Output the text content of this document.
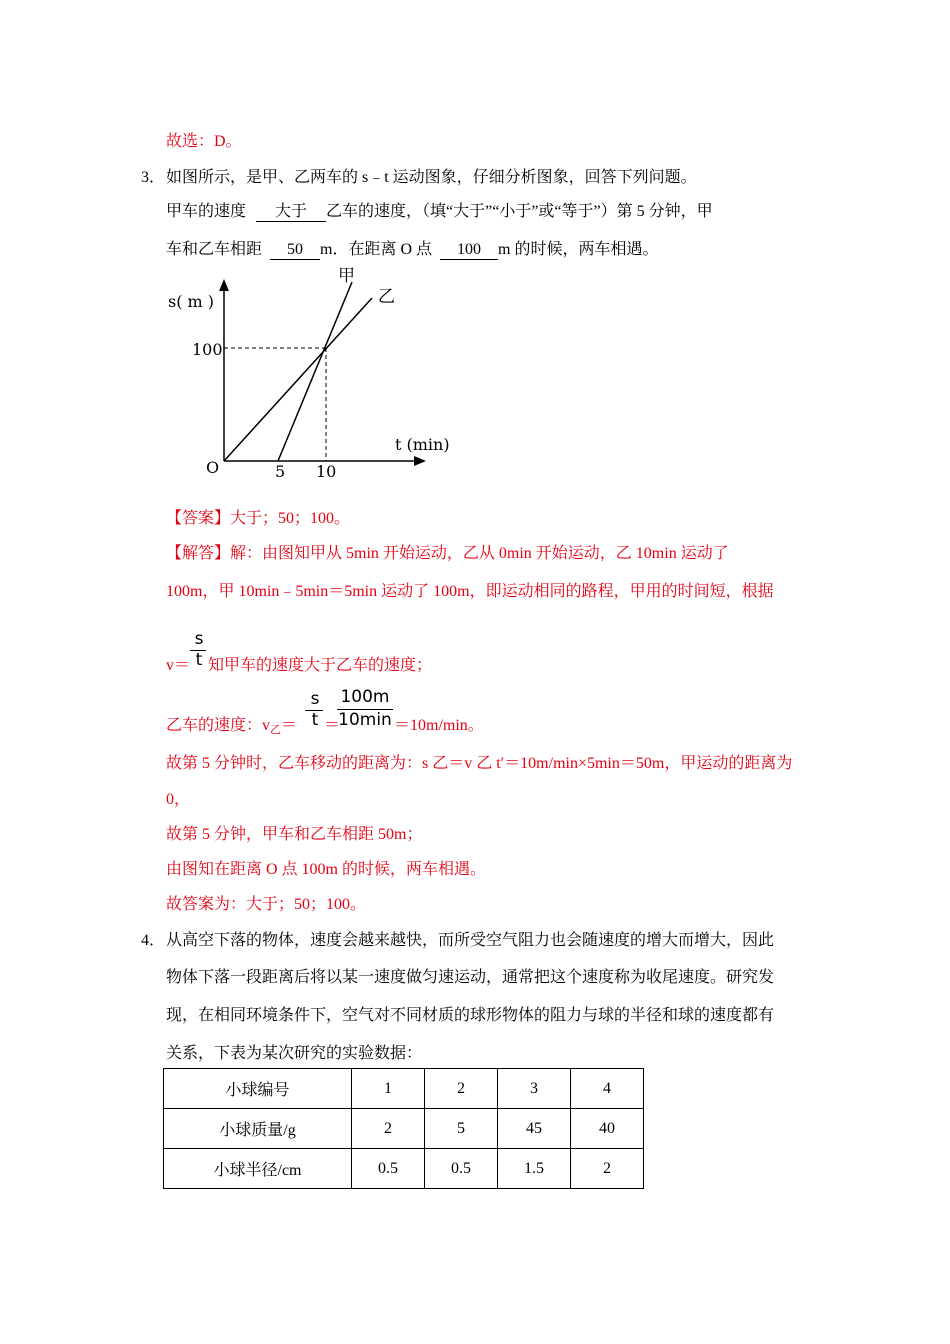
故选：D。
3． 如图所示，是甲、乙两车的 s﹣t 运动图象，仔细分析图象，回答下列问题。
甲车的速度 大于 乙车的速度，（填“大于”“小于”或“等于”）第 5 分钟，甲
车和乙车相距 50 m．在距离 O 点 100 m 的时候，两车相遇。
s( m )
100
t (min)
O	5 10
甲
乙
【答案】大于；50；100。
【解答】解：由图知甲从 5min 开始运动，乙从 0min 开始运动，乙 10min 运动了
100m，甲 10min﹣5min＝5min 运动了 100m，即运动相同的路程，甲用的时间短，根据
v＝
s
t 知甲车的速度大于乙车的速度；
乙车的速度：$v_乙=$
s
t ＝
100m
10min ＝10m/min。
故第 5 分钟时，乙车移动的距离为：s 乙＝v 乙 t′＝10m/min×5min＝50m，甲运动的距离为
0，
故第 5 分钟，甲车和乙车相距 50m；
由图知在距离 O 点 100m 的时候，两车相遇。
故答案为：大于；50；100。
4． 从高空下落的物体，速度会越来越快，而所受空气阻力也会随速度的增大而增大，因此
物体下落一段距离后将以某一速度做匀速运动，通常把这个速度称为收尾速度。研究发
现，在相同环境条件下，空气对不同材质的球形物体的阻力与球的半径和球的速度都有
关系，下表为某次研究的实验数据：
小球编号	1	2	3	4
小球质量/g	2	5	45	40
小球半径/cm	0.5	0.5	1.5	2
